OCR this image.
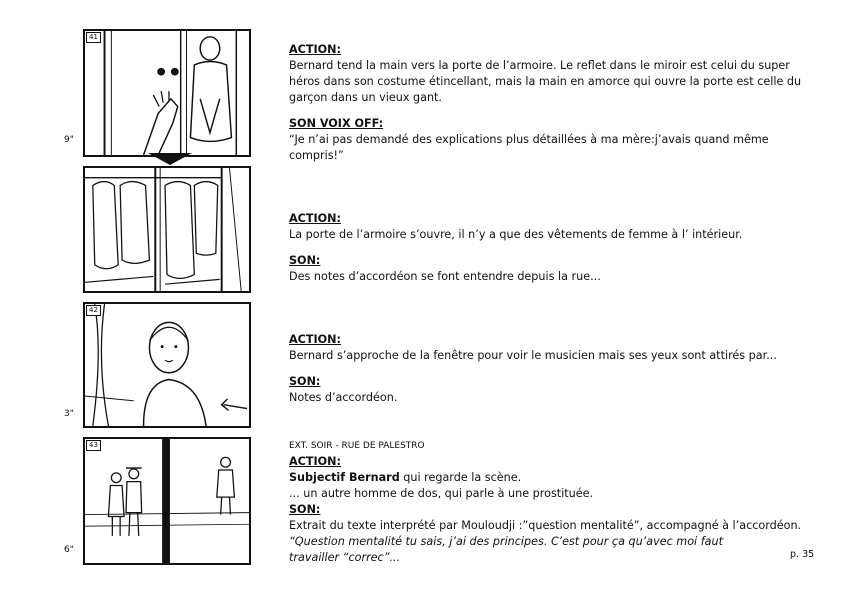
41
9"
42
3"
43
6"
ACTION:
Bernard tend la main vers la porte de l’armoire. Le reflet dans le miroir est celui du super héros dans son costume étincellant, mais la main en amorce qui ouvre la porte est celle du garçon dans un vieux gant.
SON VOIX OFF:
“Je n’ai pas demandé des explications plus détaillées à ma mère:j’avais quand même compris!”
ACTION:
La porte de l’armoire s’ouvre, il n’y a que des vêtements de femme à l’ intérieur.
SON:
Des notes d’accordéon se font entendre depuis la rue...
ACTION:
Bernard s’approche de la fenêtre pour voir le musicien mais ses yeux sont attirés par...
SON:
Notes d’accordéon.
EXT. SOIR - RUE DE PALESTRO
ACTION:
Subjectif Bernard qui regarde la scène.
... un autre homme de dos, qui parle à une prostituée.
SON:
Extrait du texte interprété par Mouloudji :”question mentalité”, accompagné à l’accordéon.
“Question mentalité tu sais, j’ai des principes. C’est pour ça qu’avec moi faut travailler “correc”...	p. 35
